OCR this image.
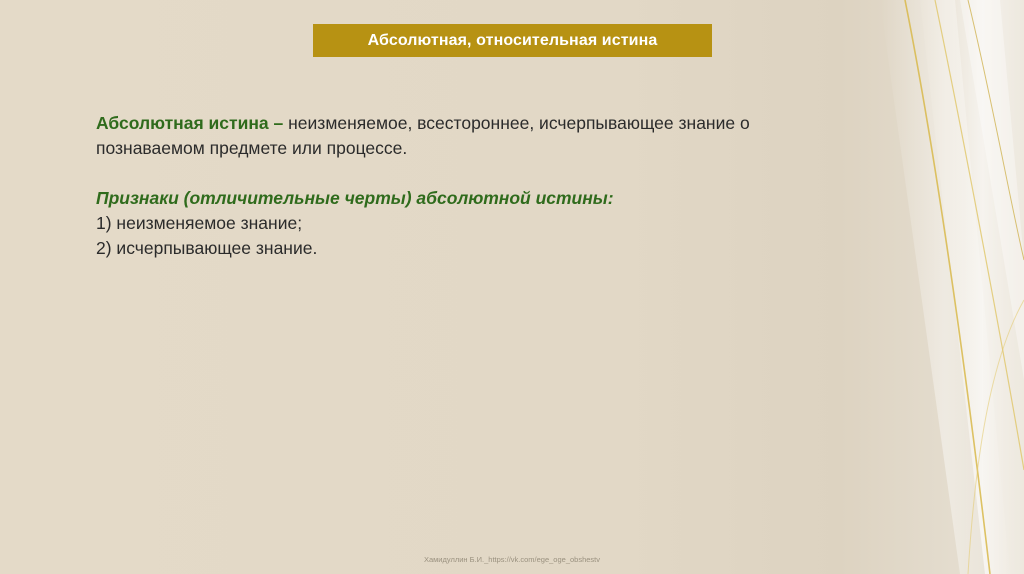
Абсолютная, относительная истина

Абсолютная истина – неизменяемое, всестороннее, исчерпывающее знание о познаваемом предмете или процессе.

Признаки (отличительные черты) абсолютной истины:

1) неизменяемое знание;

2) исчерпывающее знание.

Хамидуллин Б.И._https://vk.com/ege_oge_obshestv
